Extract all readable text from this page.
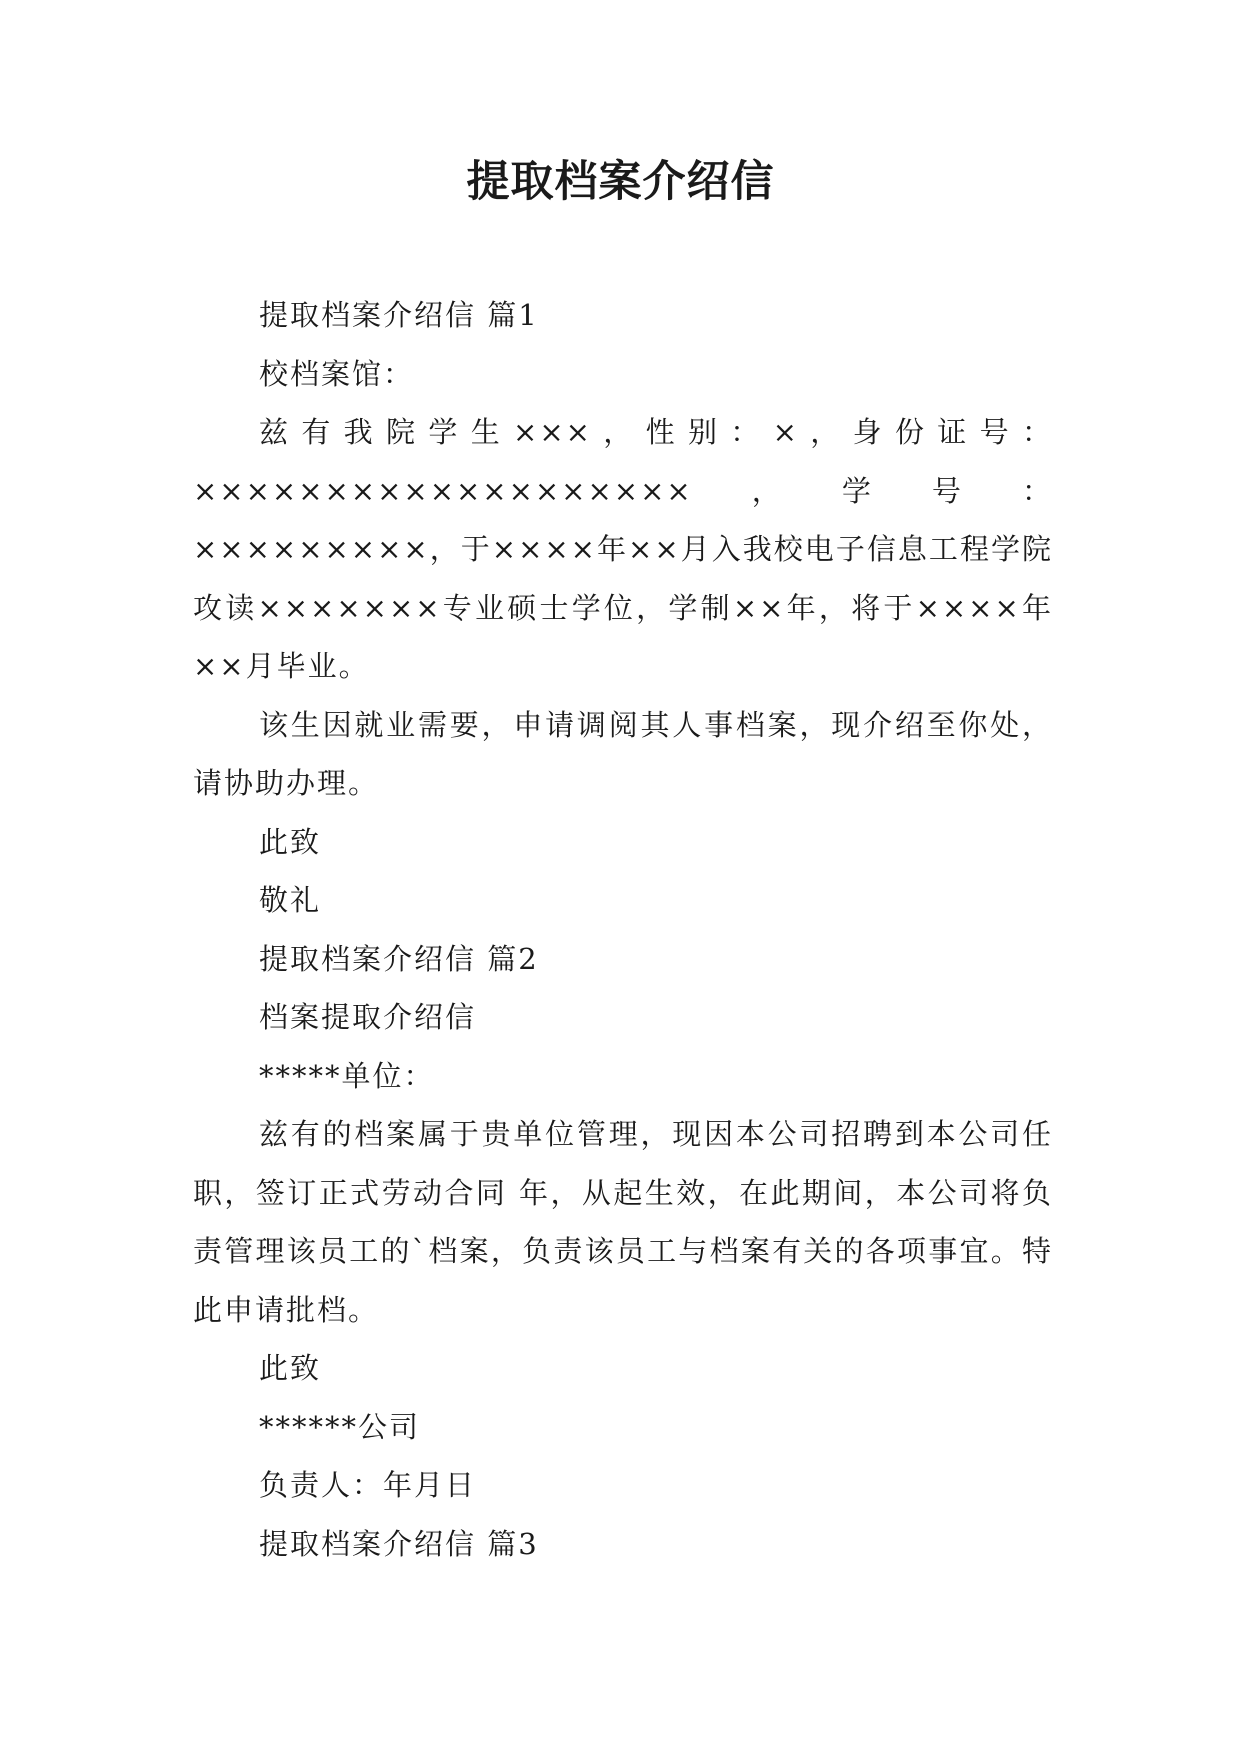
提取档案介绍信

提取档案介绍信 篇1

校档案馆：

兹有我院学生×××，性别：×，身份证号：×××××××××××××××××××，学号：×××××××××，于××××年××月入我校电子信息工程学院攻读×××××××专业硕士学位，学制××年，将于××××年××月毕业。

该生因就业需要，申请调阅其人事档案，现介绍至你处，请协助办理。

此致

敬礼

提取档案介绍信 篇2

档案提取介绍信

*****单位：

兹有的档案属于贵单位管理，现因本公司招聘到本公司任职，签订正式劳动合同 年，从起生效，在此期间，本公司将负责管理该员工的`档案，负责该员工与档案有关的各项事宜。特此申请批档。

此致

******公司

负责人：年月日

提取档案介绍信 篇3
